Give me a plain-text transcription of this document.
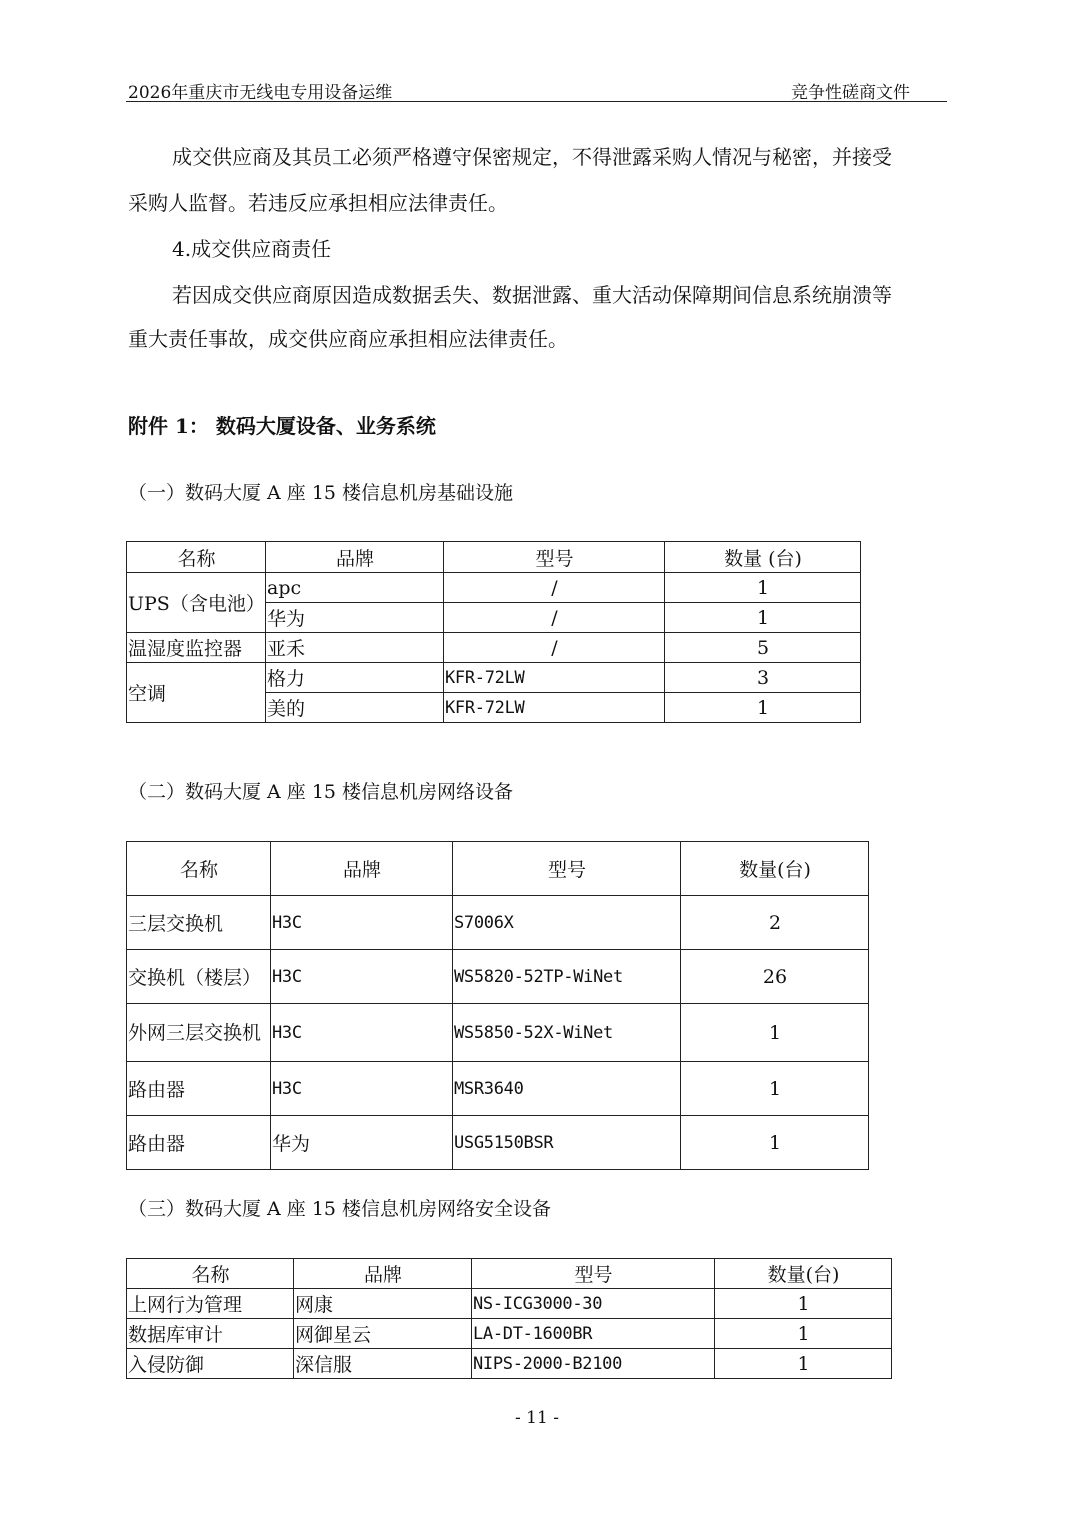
2026年重庆市无线电专用设备运维	竞争性磋商文件
成交供应商及其员工必须严格遵守保密规定，不得泄露采购人情况与秘密，并接受
采购人监督。若违反应承担相应法律责任。
4.成交供应商责任
若因成交供应商原因造成数据丢失、数据泄露、重大活动保障期间信息系统崩溃等
重大责任事故，成交供应商应承担相应法律责任。
附件 1： 数码大厦设备、业务系统
（一）数码大厦 A 座 15 楼信息机房基础设施
名称	品牌	型号	数量 (台)
UPS（含电池）	apc	/	1
	华为	/	1
温湿度监控器	亚禾	/	5
空调	格力	KFR-72LW	3
	美的	KFR-72LW	1
（二）数码大厦 A 座 15 楼信息机房网络设备
名称	品牌	型号	数量(台)
三层交换机	H3C	S7006X	2
交换机（楼层）	H3C	WS5820-52TP-WiNet	26
外网三层交换机	H3C	WS5850-52X-WiNet	1
路由器	H3C	MSR3640	1
路由器	华为	USG5150BSR	1
（三）数码大厦 A 座 15 楼信息机房网络安全设备
名称	品牌	型号	数量(台)
上网行为管理	网康	NS-ICG3000-30	1
数据库审计	网御星云	LA-DT-1600BR	1
入侵防御	深信服	NIPS-2000-B2100	1
- 11 -
